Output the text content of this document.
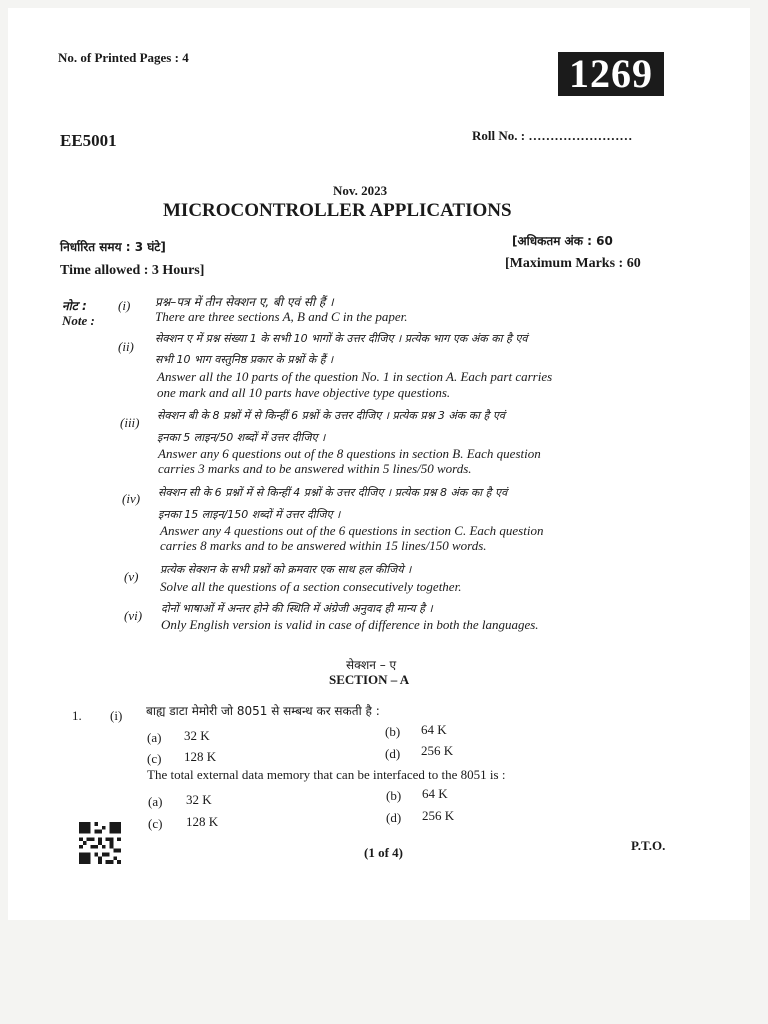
No. of Printed Pages : 4	1269
EE5001	Roll No. : ……………………
Nov. 2023
MICROCONTROLLER APPLICATIONS
निर्धारित समय : 3 घंटे]
Time allowed : 3 Hours]
[अधिकतम अंक : 60
[Maximum Marks : 60
नोट :
Note :
(i) प्रश्न–पत्र में तीन सेक्शन ए, बी एवं सी हैं ।
There are three sections A, B and C in the paper.
(ii)
सेक्शन ए में प्रश्न संख्या 1 के सभी 10 भागों के उत्तर दीजिए । प्रत्येक भाग एक अंक का है एवं
सभी 10 भाग वस्तुनिष्ठ प्रकार के प्रश्नों के हैं ।
Answer all the 10 parts of the question No. 1 in section A. Each part carries
one mark and all 10 parts have objective type questions.
(iii) सेक्शन बी के 8 प्रश्नों में से किन्हीं 6 प्रश्नों के उत्तर दीजिए । प्रत्येक प्रश्न 3 अंक का है एवं
इनका 5 लाइन/50 शब्दों में उत्तर दीजिए ।
Answer any 6 questions out of the 8 questions in section B. Each question
carries 3 marks and to be answered within 5 lines/50 words.
(iv) सेक्शन सी के 6 प्रश्नों में से किन्हीं 4 प्रश्नों के उत्तर दीजिए । प्रत्येक प्रश्न 8 अंक का है एवं
इनका 15 लाइन/150 शब्दों में उत्तर दीजिए ।
Answer any 4 questions out of the 6 questions in section C. Each question
carries 8 marks and to be answered within 15 lines/150 words.
(v) प्रत्येक सेक्शन के सभी प्रश्नों को क्रमवार एक साथ हल कीजिये ।
Solve all the questions of a section consecutively together.
(vi) दोनों भाषाओं में अन्तर होने की स्थिति में अंग्रेजी अनुवाद ही मान्य है ।
Only English version is valid in case of difference in both the languages.
सेक्शन – ए
SECTION – A
1. (i) बाह्य डाटा मेमोरी जो 8051 से सम्बन्ध कर सकती है :
(a) 32 K	(b) 64 K
(c) 128 K	(d) 256 K
The total external data memory that can be interfaced to the 8051 is :
(a) 32 K	(b) 64 K
(c) 128 K	(d) 256 K
(1 of 4)	P.T.O.
